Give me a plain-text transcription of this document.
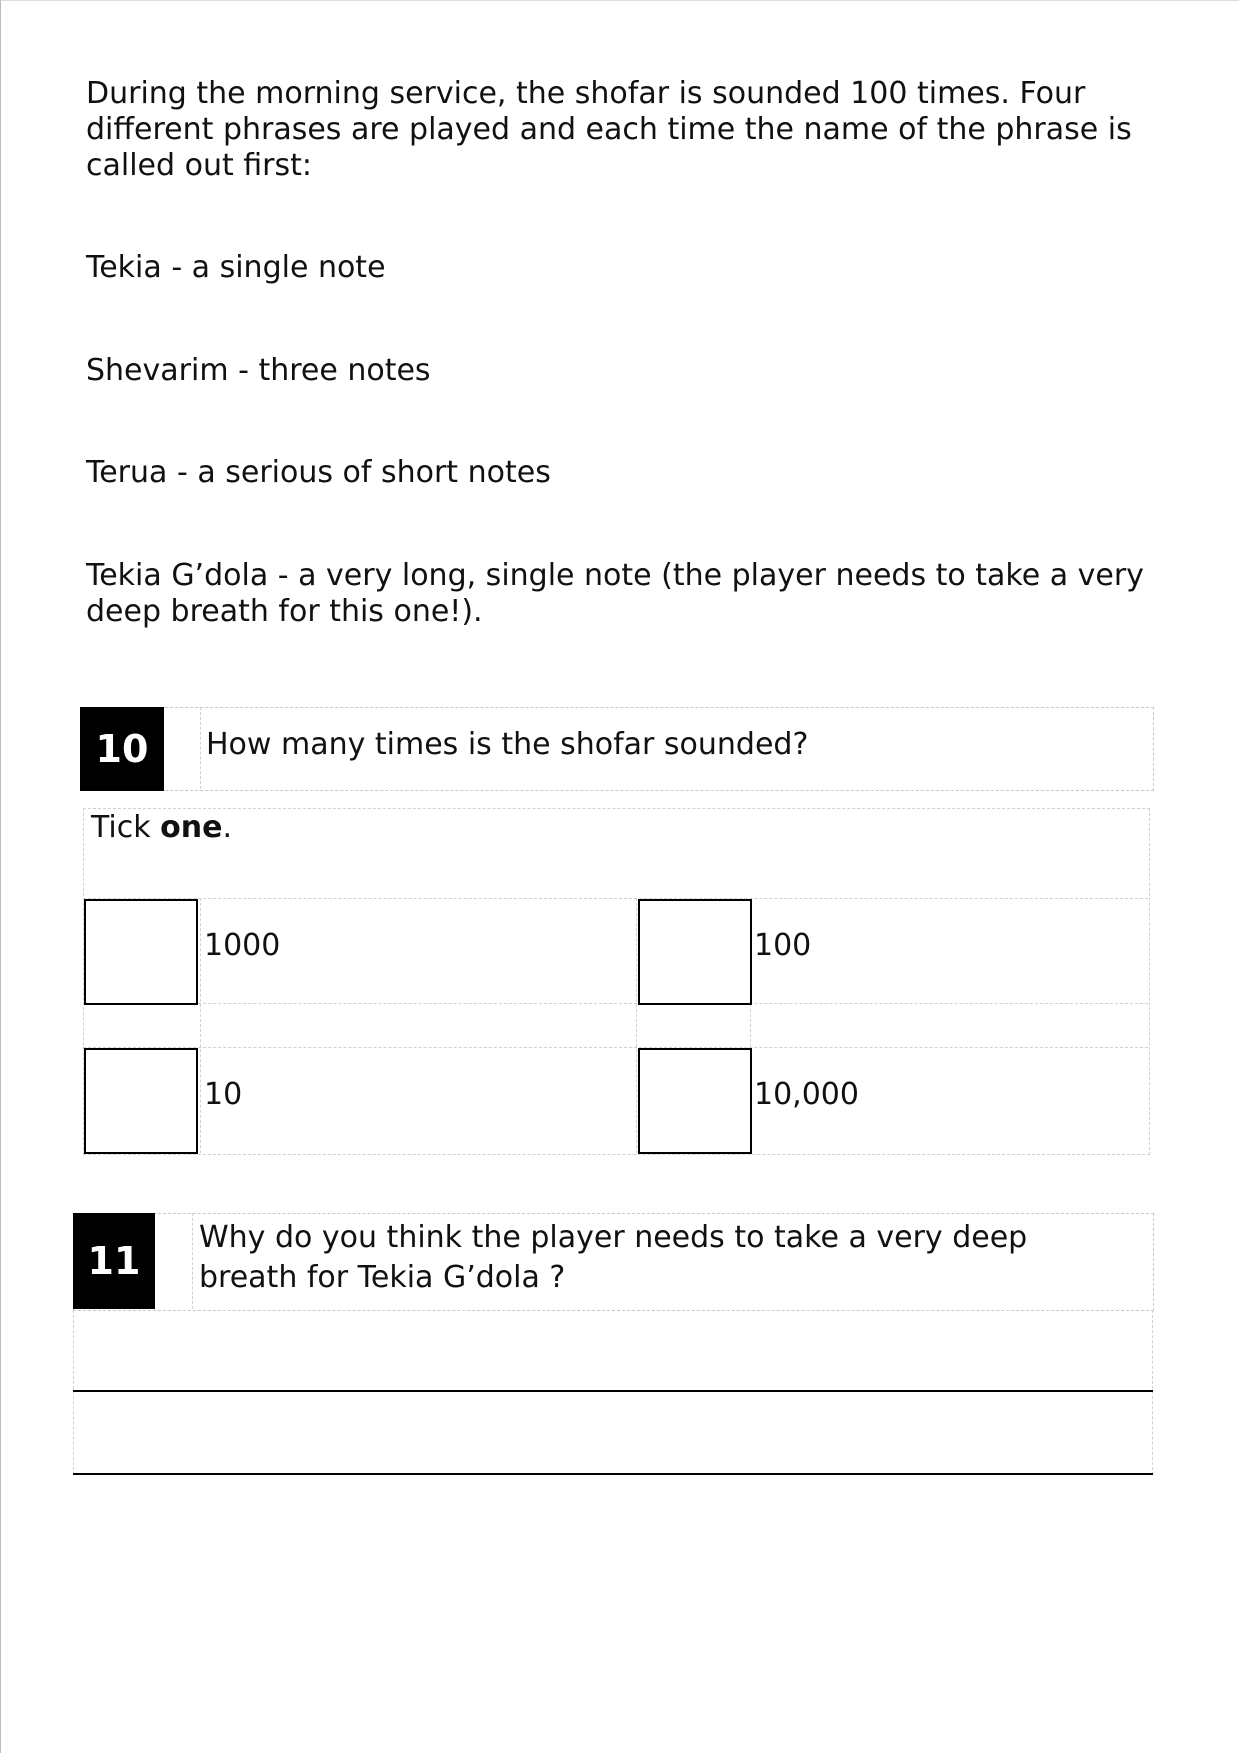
During the morning service, the shofar is sounded 100 times. Four different phrases are played and each time the name of the phrase is called out first:

Tekia - a single note

Shevarim - three notes

Terua - a serious of short notes

Tekia G’dola - a very long, single note (the player needs to take a very deep breath for this one!).

10	How many times is the shofar sounded?

Tick one.

1000	100
10	10,000
11

Why do you think the player needs to take a very deep breath for Tekia G’dola ?
